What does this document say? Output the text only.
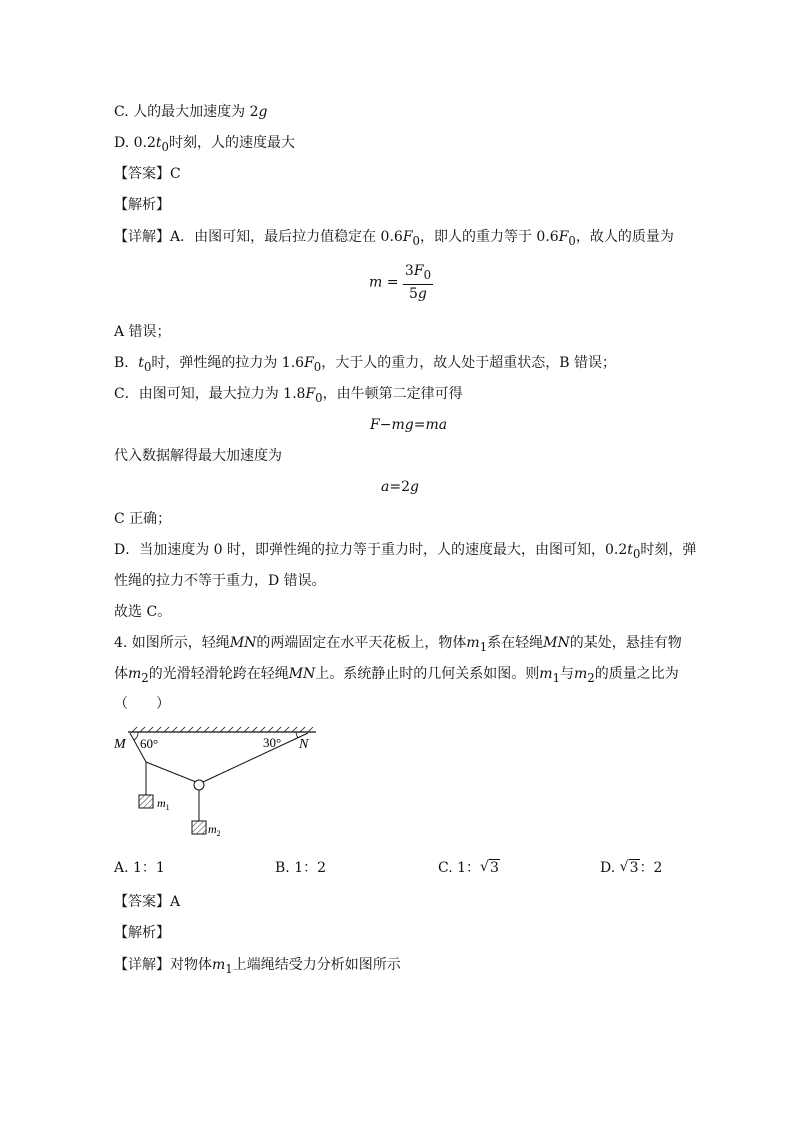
C. 人的最大加速度为 2g
D. $0.2t_0$时刻，人的速度最大
【答案】C
【解析】
【详解】A．由图可知，最后拉力值稳定在 $0.6F_0$，即人的重力等于 $0.6F_0$，故人的质量为
$m = \frac{3F_0}{5g}$
A 错误；
B．$t_0$时，弹性绳的拉力为 $1.6F_0$，大于人的重力，故人处于超重状态，B 错误；
C．由图可知，最大拉力为 $1.8F_0$，由牛顿第二定律可得
F−mg=ma
代入数据解得最大加速度为
a=2g
C 正确；
D．当加速度为 0 时，即弹性绳的拉力等于重力时，人的速度最大，由图可知，$0.2t_0$时刻，弹
性绳的拉力不等于重力，D 错误。
故选 C。
4. 如图所示，轻绳MN的两端固定在水平天花板上，物体$m_1$系在轻绳MN的某处，悬挂有物
体$m_2$的光滑轻滑轮跨在轻绳MN上。系统静止时的几何关系如图。则$m_1$与$m_2$的质量之比为
（　　）
M 60°	30° N
$m_1$
$m_2$
A. 1：1	B. 1：2	C. 1： √ 3	D. √ 3：2
【答案】A
【解析】
【详解】对物体$m_1$上端绳结受力分析如图所示
